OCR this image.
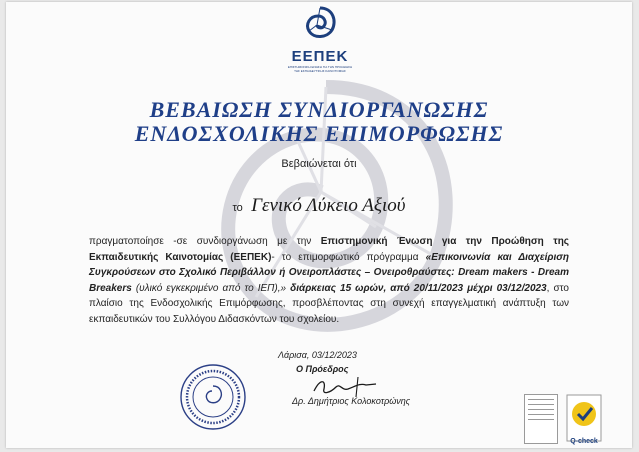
ΕΕΠΕΚ
ΕΠΙΣΤΗΜΟΝΙΚΗ ΕΝΩΣΗ ΓΙΑ ΤΗΝ ΠΡΟΩΘΗΣΗ ΤΗΣ ΕΚΠΑΙΔΕΥΤΙΚΗΣ ΚΑΙΝΟΤΟΜΙΑΣ
ΒΕΒΑΙΩΣΗ ΣΥΝΔΙΟΡΓΑΝΩΣΗΣ
ΕΝΔΟΣΧΟΛΙΚΗΣ ΕΠΙΜΟΡΦΩΣΗΣ
Βεβαιώνεται ότι
το Γενικό Λύκειο Αξιού
πραγματοποίησε -σε συνδιοργάνωση με την Επιστημονική Ένωση για την Προώθηση της Εκπαιδευτικής Καινοτομίας (ΕΕΠΕΚ)- το επιμορφωτικό πρόγραμμα «Επικοινωνία και Διαχείριση Συγκρούσεων στο Σχολικό Περιβάλλον ή Ονειροπλάστες – Ονειροθραύστες: Dream makers - Dream Breakers (υλικό εγκεκριμένο από το ΙΕΠ),» διάρκειας 15 ωρών, από 20/11/2023 μέχρι 03/12/2023, στο πλαίσιο της Ενδοσχολικής Επιμόρφωσης, προσβλέποντας στη συνεχή επαγγελματική ανάπτυξη των εκπαιδευτικών του Συλλόγου Διδασκόντων του σχολείου.
Λάρισα, 03/12/2023
Ο Πρόεδρος
Δρ. Δημήτριος Κολοκοτρώνης
Q-check
